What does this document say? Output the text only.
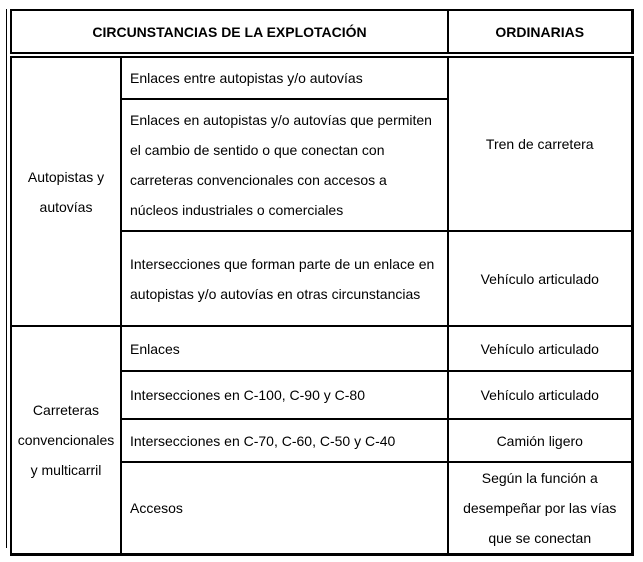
CIRCUNSTANCIAS DE LA EXPLOTACIÓN		ORDINARIAS
Autopistas y autovías	Enlaces entre autopistas y/o autovías	Tren de carretera
	Enlaces en autopistas y/o autovías que permiten el cambio de sentido o que conectan con carreteras convencionales con accesos a núcleos industriales o comerciales	
	Intersecciones que forman parte de un enlace en autopistas y/o autovías en otras circunstancias	Vehículo articulado
Carreteras convencionales y multicarril	Enlaces	Vehículo articulado
	Intersecciones en C-100, C-90 y C-80	Vehículo articulado
	Intersecciones en C-70, C-60, C-50 y C-40	Camión ligero
	Accesos	Según la función a desempeñar por las vías que se conectan
